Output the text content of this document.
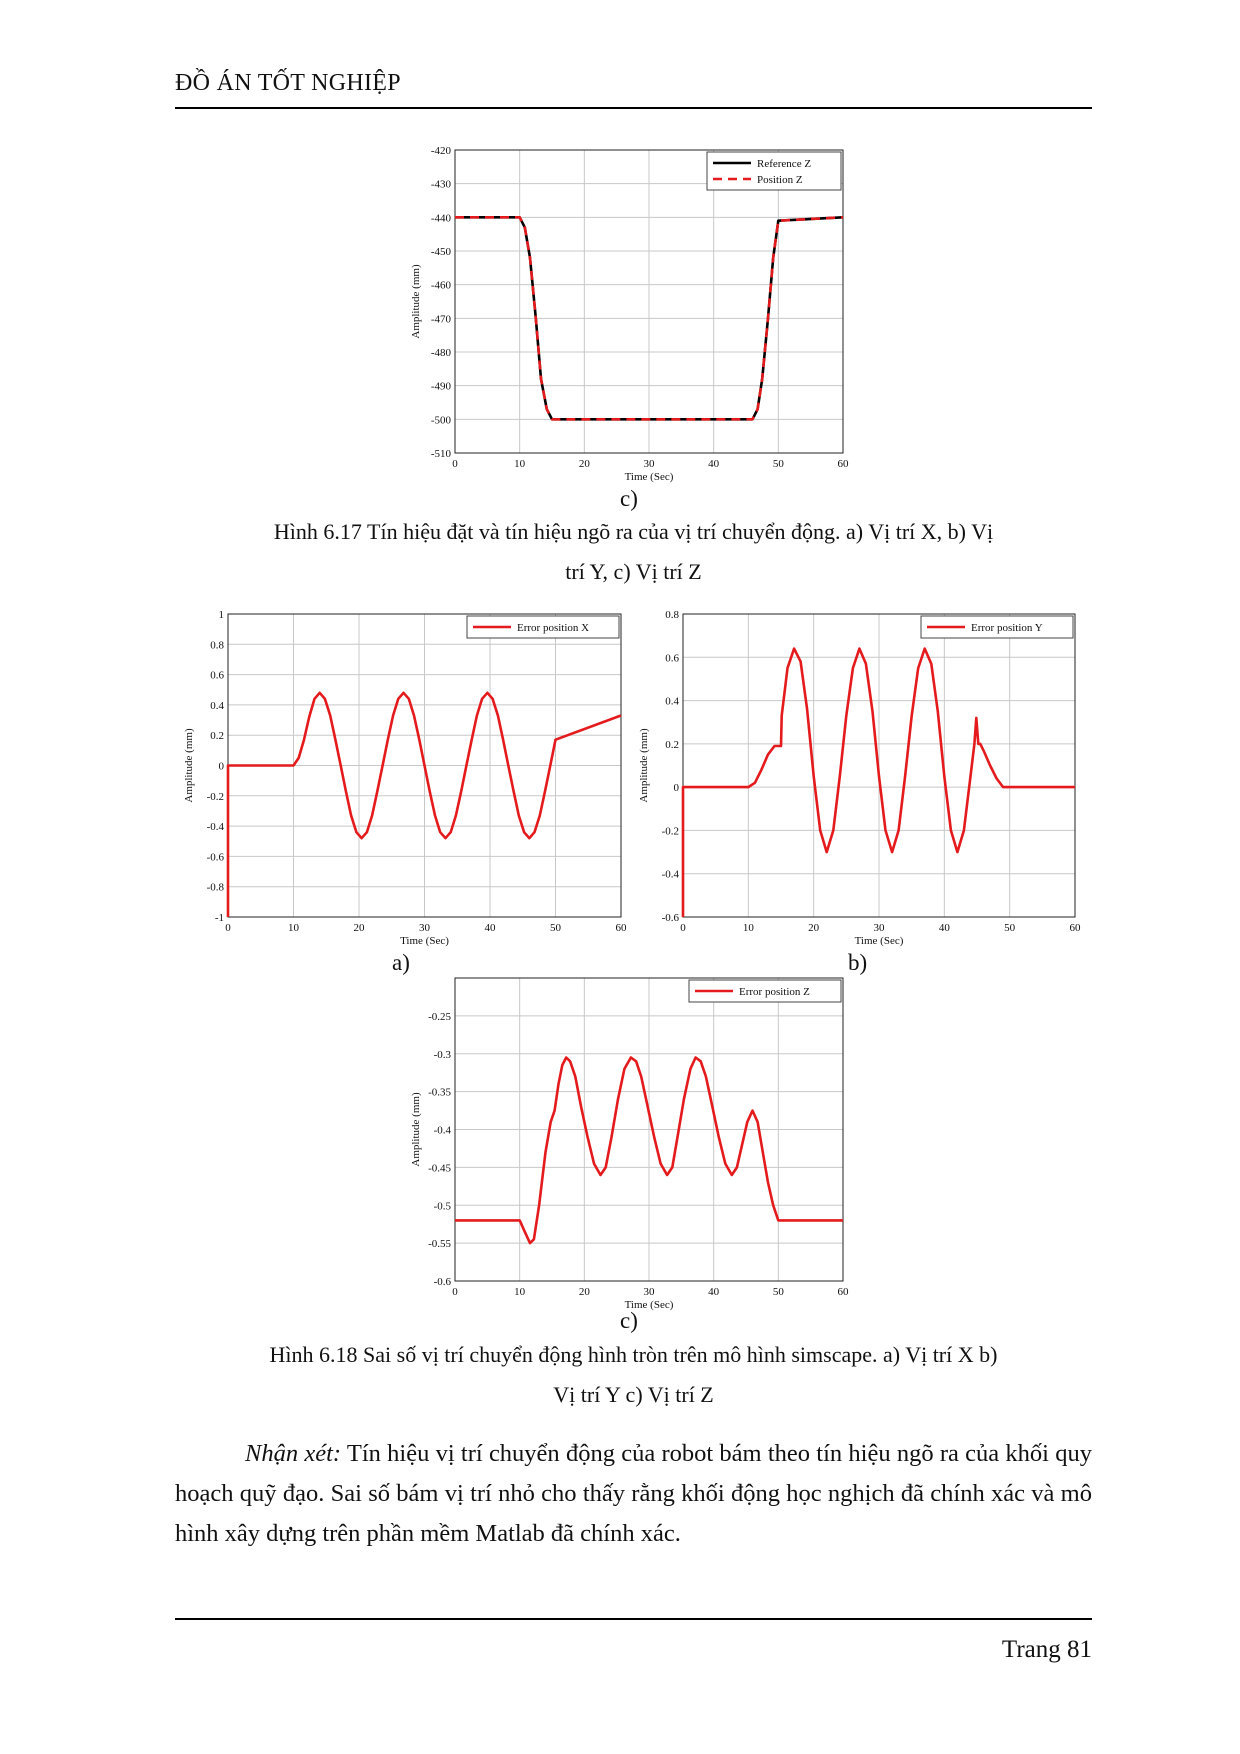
ĐỒ ÁN TỐT NGHIỆP
0	10	20	30	40	50	60
-420
-430
-440
-450
-460
-470
-480
-490
-500
-510
Time (Sec)
Amplitude (mm)
Reference Z
Position Z
c)
Hình 6.17 Tín hiệu đặt và tín hiệu ngõ ra của vị trí chuyển động. a) Vị trí X, b) Vị
trí Y, c) Vị trí Z
0	10	20	30	40	50	60
1
0.8
0.6
0.4
0.2
0
-0.2
-0.4
-0.6
-0.8
-1
Time (Sec)
Amplitude (mm)
Error position X
0	10	20	30	40	50	60
0.8
0.6
0.4
0.2
0
-0.2
-0.4
-0.6
Time (Sec)
Amplitude (mm)
Error position Y
a)	b)
0	10	20	30	40	50	60
-0.25
-0.3
-0.35
-0.4
-0.45
-0.5
-0.55
-0.6
Time (Sec)
Amplitude (mm)
Error position Z
c)
Hình 6.18 Sai số vị trí chuyển động hình tròn trên mô hình simscape. a) Vị trí X b)
Vị trí Y c) Vị trí Z
Nhận xét: Tín hiệu vị trí chuyển động của robot bám theo tín hiệu ngõ ra của khối quy hoạch quỹ đạo. Sai số bám vị trí nhỏ cho thấy rằng khối động học nghịch đã chính xác và mô hình xây dựng trên phần mềm Matlab đã chính xác.
Trang 81
